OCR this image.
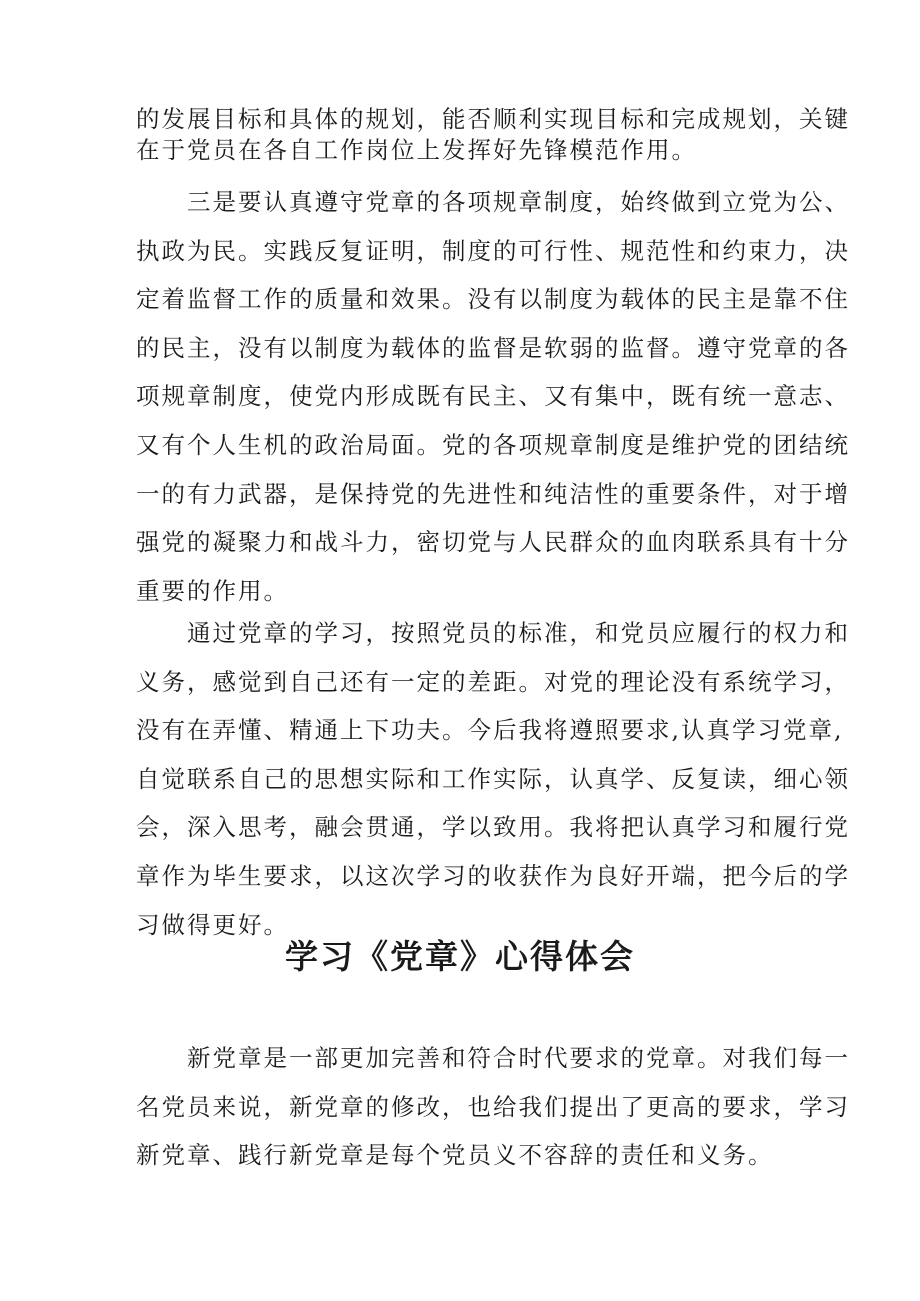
的发展目标和具体的规划，能否顺利实现目标和完成规划，关键
在于党员在各自工作岗位上发挥好先锋模范作用。
　　三是要认真遵守党章的各项规章制度，始终做到立党为公、
执政为民。实践反复证明，制度的可行性、规范性和约束力，决
定着监督工作的质量和效果。没有以制度为载体的民主是靠不住
的民主，没有以制度为载体的监督是软弱的监督。遵守党章的各
项规章制度，使党内形成既有民主、又有集中，既有统一意志、
又有个人生机的政治局面。党的各项规章制度是维护党的团结统
一的有力武器，是保持党的先进性和纯洁性的重要条件，对于增
强党的凝聚力和战斗力，密切党与人民群众的血肉联系具有十分
重要的作用。
　　通过党章的学习，按照党员的标准，和党员应履行的权力和
义务，感觉到自己还有一定的差距。对党的理论没有系统学习，
没有在弄懂、精通上下功夫。今后我将遵照要求,认真学习党章,
自觉联系自己的思想实际和工作实际，认真学、反复读，细心领
会，深入思考，融会贯通，学以致用。我将把认真学习和履行党
章作为毕生要求，以这次学习的收获作为良好开端，把今后的学
习做得更好。
学习《党章》心得体会
　　新党章是一部更加完善和符合时代要求的党章。对我们每一
名党员来说，新党章的修改，也给我们提出了更高的要求，学习
新党章、践行新党章是每个党员义不容辞的责任和义务。
